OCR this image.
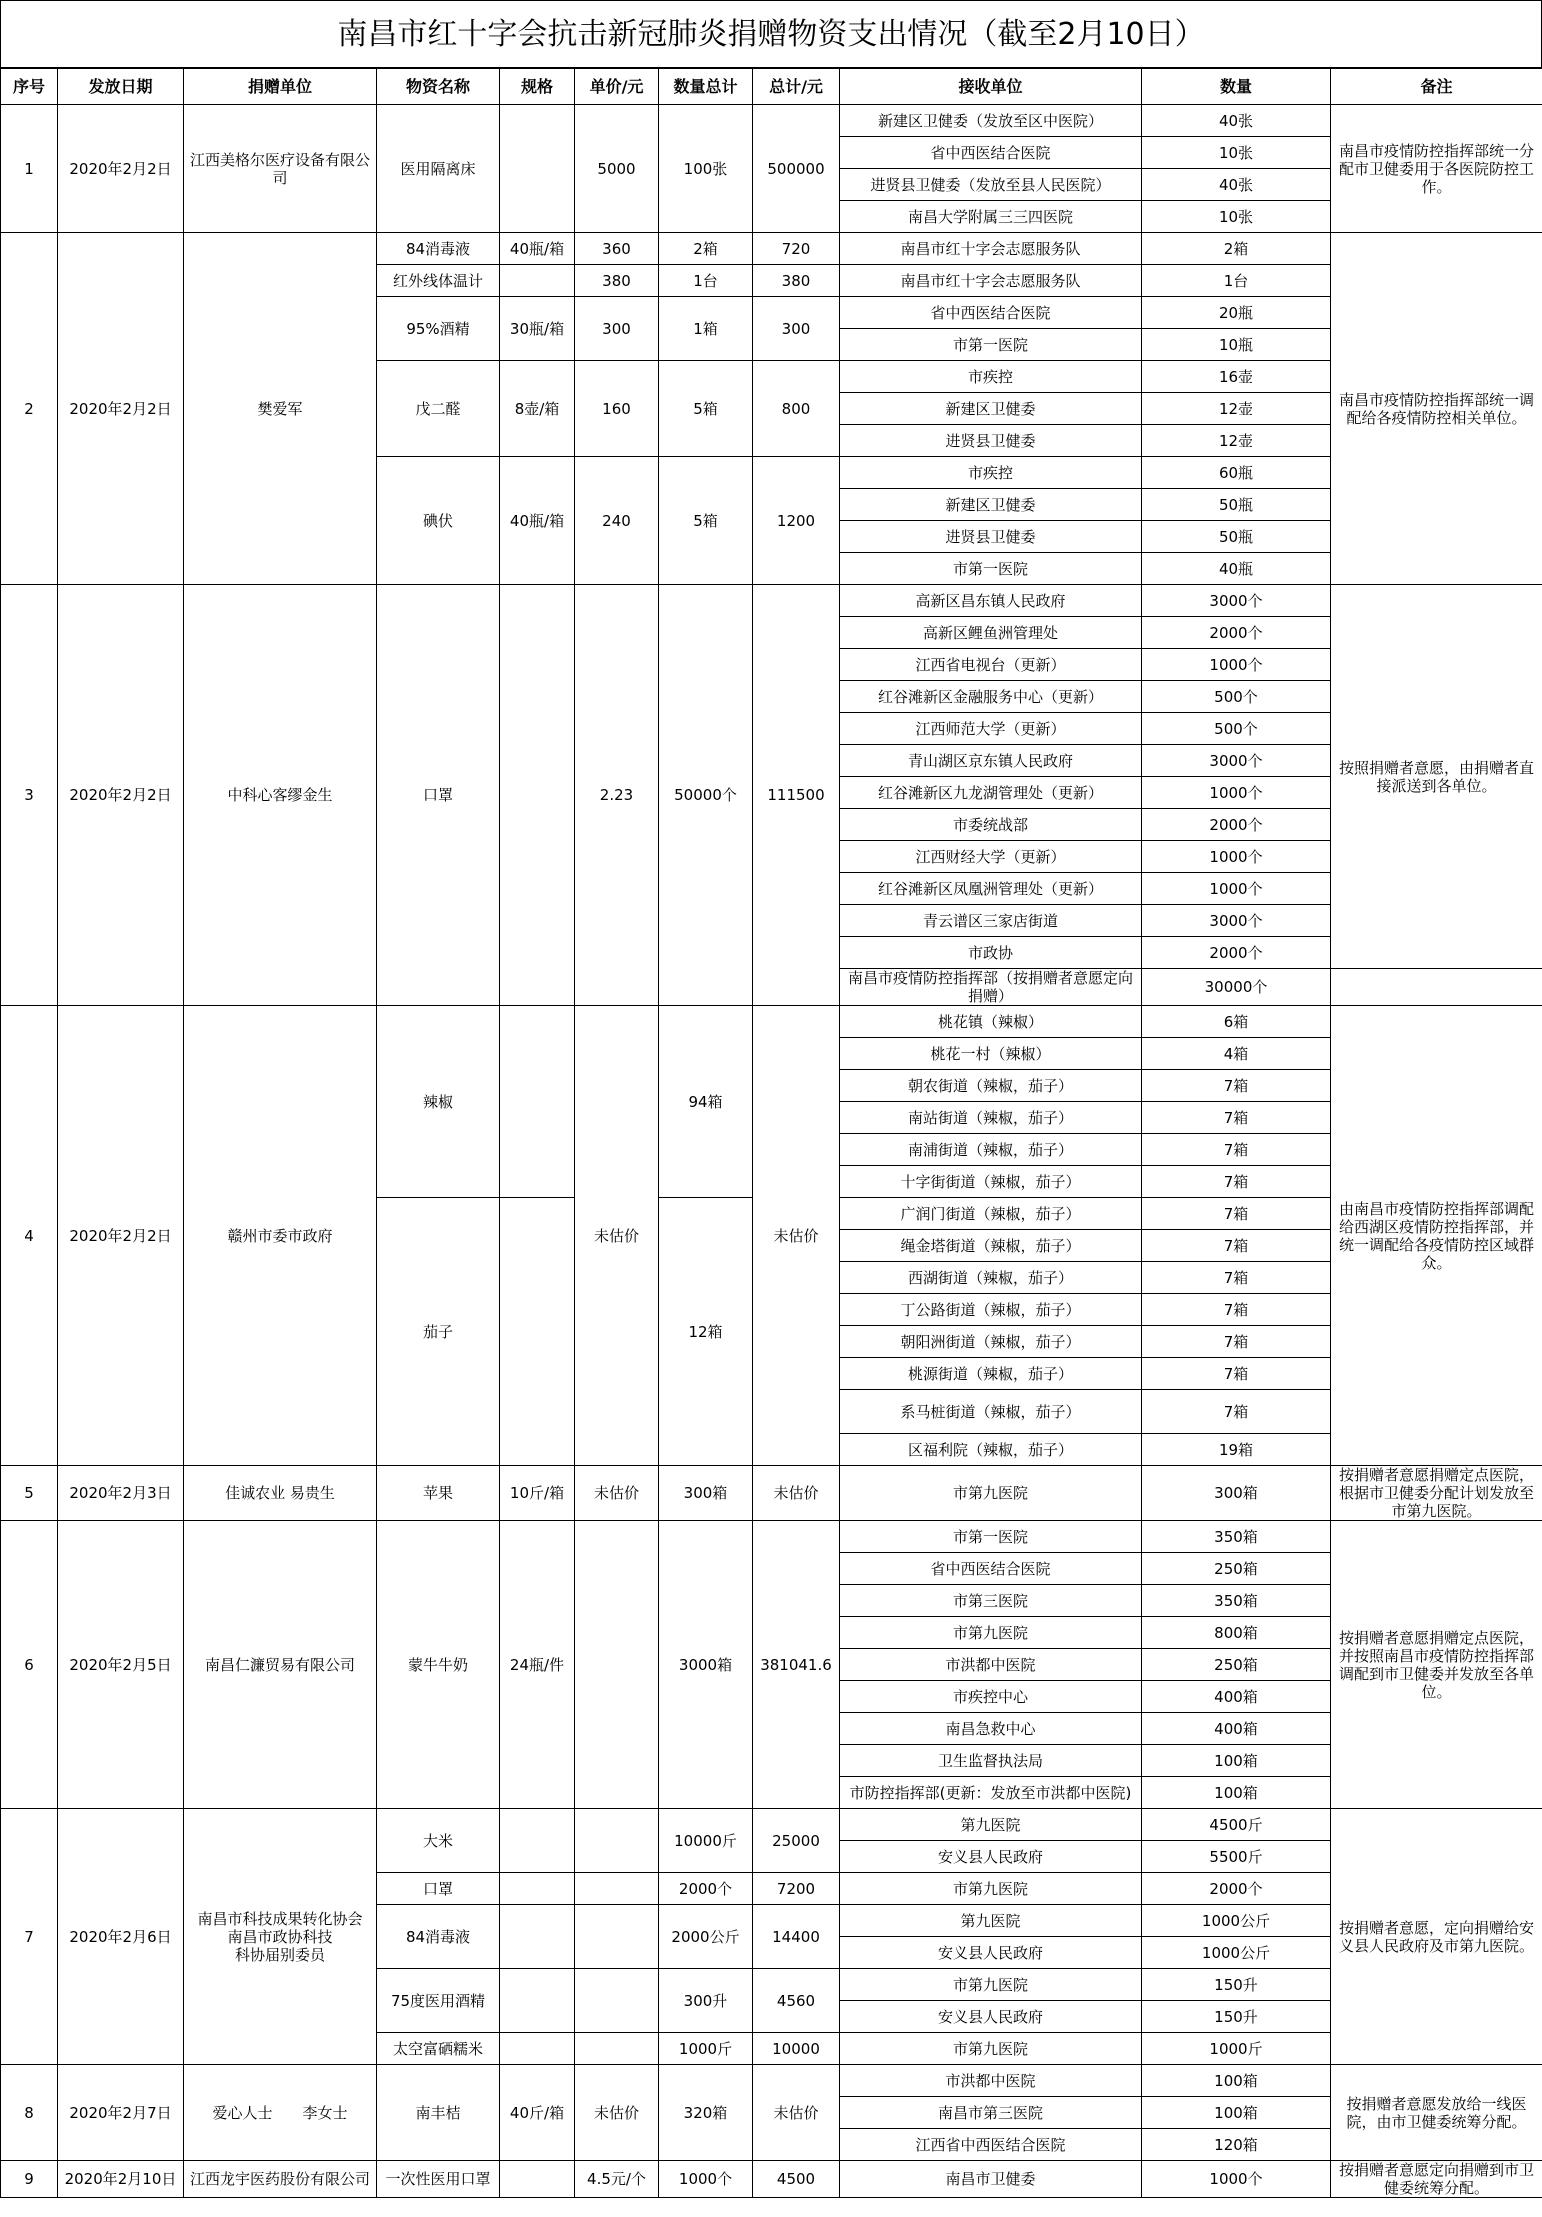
南昌市红十字会抗击新冠肺炎捐赠物资支出情况（截至2月10日）
序号	发放日期	捐赠单位	物资名称	规格	单价/元	数量总计	总计/元	接收单位	数量	备注
1	2020年2月2日	江西美格尔医疗设备有限公司	医用隔离床		5000	100张	500000	新建区卫健委（发放至区中医院）	40张	南昌市疫情防控指挥部统一分配市卫健委用于各医院防控工作。
								省中西医结合医院	10张	
								进贤县卫健委（发放至县人民医院）	40张	
								南昌大学附属三三四医院	10张	
2	2020年2月2日	樊爱军	84消毒液	40瓶/箱	360	2箱	720	南昌市红十字会志愿服务队	2箱	南昌市疫情防控指挥部统一调配给各疫情防控相关单位。
			红外线体温计		380	1台	380	南昌市红十字会志愿服务队	1台	
			95%酒精	30瓶/箱	300	1箱	300	省中西医结合医院	20瓶	
								市第一医院	10瓶	
			戊二醛	8壶/箱	160	5箱	800	市疾控	16壶	
								新建区卫健委	12壶	
								进贤县卫健委	12壶	
			碘伏	40瓶/箱	240	5箱	1200	市疾控	60瓶	
								新建区卫健委	50瓶	
								进贤县卫健委	50瓶	
								市第一医院	40瓶	
3	2020年2月2日	中科心客缪金生	口罩		2.23	50000个	111500	高新区昌东镇人民政府	3000个	按照捐赠者意愿，由捐赠者直接派送到各单位。
								高新区鲤鱼洲管理处	2000个	
								江西省电视台（更新）	1000个	
								红谷滩新区金融服务中心（更新）	500个	
								江西师范大学（更新）	500个	
								青山湖区京东镇人民政府	3000个	
								红谷滩新区九龙湖管理处（更新）	1000个	
								市委统战部	2000个	
								江西财经大学（更新）	1000个	
								红谷滩新区凤凰洲管理处（更新）	1000个	
								青云谱区三家店街道	3000个	
								市政协	2000个	
								南昌市疫情防控指挥部（按捐赠者意愿定向捐赠）	30000个	
4	2020年2月2日	赣州市委市政府	辣椒		未估价	94箱	未估价	桃花镇（辣椒）	6箱	由南昌市疫情防控指挥部调配给西湖区疫情防控指挥部，并统一调配给各疫情防控区域群众。
								桃花一村（辣椒）	4箱	
								朝农街道（辣椒，茄子）	7箱	
								南站街道（辣椒，茄子）	7箱	
								南浦街道（辣椒，茄子）	7箱	
								十字街街道（辣椒，茄子）	7箱	
			茄子			12箱		广润门街道（辣椒，茄子）	7箱	
								绳金塔街道（辣椒，茄子）	7箱	
								西湖街道（辣椒，茄子）	7箱	
								丁公路街道（辣椒，茄子）	7箱	
								朝阳洲街道（辣椒，茄子）	7箱	
								桃源街道（辣椒，茄子）	7箱	
								系马桩街道（辣椒，茄子）	7箱	
								区福利院（辣椒，茄子）	19箱	
5	2020年2月3日	佳诚农业 易贵生	苹果	10斤/箱	未估价	300箱	未估价	市第九医院	300箱	按捐赠者意愿捐赠定点医院，根据市卫健委分配计划发放至市第九医院。
6	2020年2月5日	南昌仁濂贸易有限公司	蒙牛牛奶	24瓶/件		3000箱	381041.6	市第一医院	350箱	按捐赠者意愿捐赠定点医院，并按照南昌市疫情防控指挥部调配到市卫健委并发放至各单位。
								省中西医结合医院	250箱	
								市第三医院	350箱	
								市第九医院	800箱	
								市洪都中医院	250箱	
								市疾控中心	400箱	
								南昌急救中心	400箱	
								卫生监督执法局	100箱	
								市防控指挥部(更新：发放至市洪都中医院)	100箱	
7	2020年2月6日	南昌市科技成果转化协会
南昌市政协科技
科协届别委员	大米			10000斤	25000	第九医院	4500斤	按捐赠者意愿，定向捐赠给安义县人民政府及市第九医院。
								安义县人民政府	5500斤	
			口罩			2000个	7200	市第九医院	2000个	
			84消毒液			2000公斤	14400	第九医院	1000公斤	
								安义县人民政府	1000公斤	
			75度医用酒精			300升	4560	市第九医院	150升	
								安义县人民政府	150升	
			太空富硒糯米			1000斤	10000	市第九医院	1000斤	
8	2020年2月7日	爱心人士　　李女士	南丰桔	40斤/箱	未估价	320箱	未估价	市洪都中医院	100箱	按捐赠者意愿发放给一线医院，由市卫健委统筹分配。
								南昌市第三医院	100箱	
								江西省中西医结合医院	120箱	
9	2020年2月10日	江西龙宇医药股份有限公司	一次性医用口罩		4.5元/个	1000个	4500	南昌市卫健委	1000个	按捐赠者意愿定向捐赠到市卫健委统筹分配。
